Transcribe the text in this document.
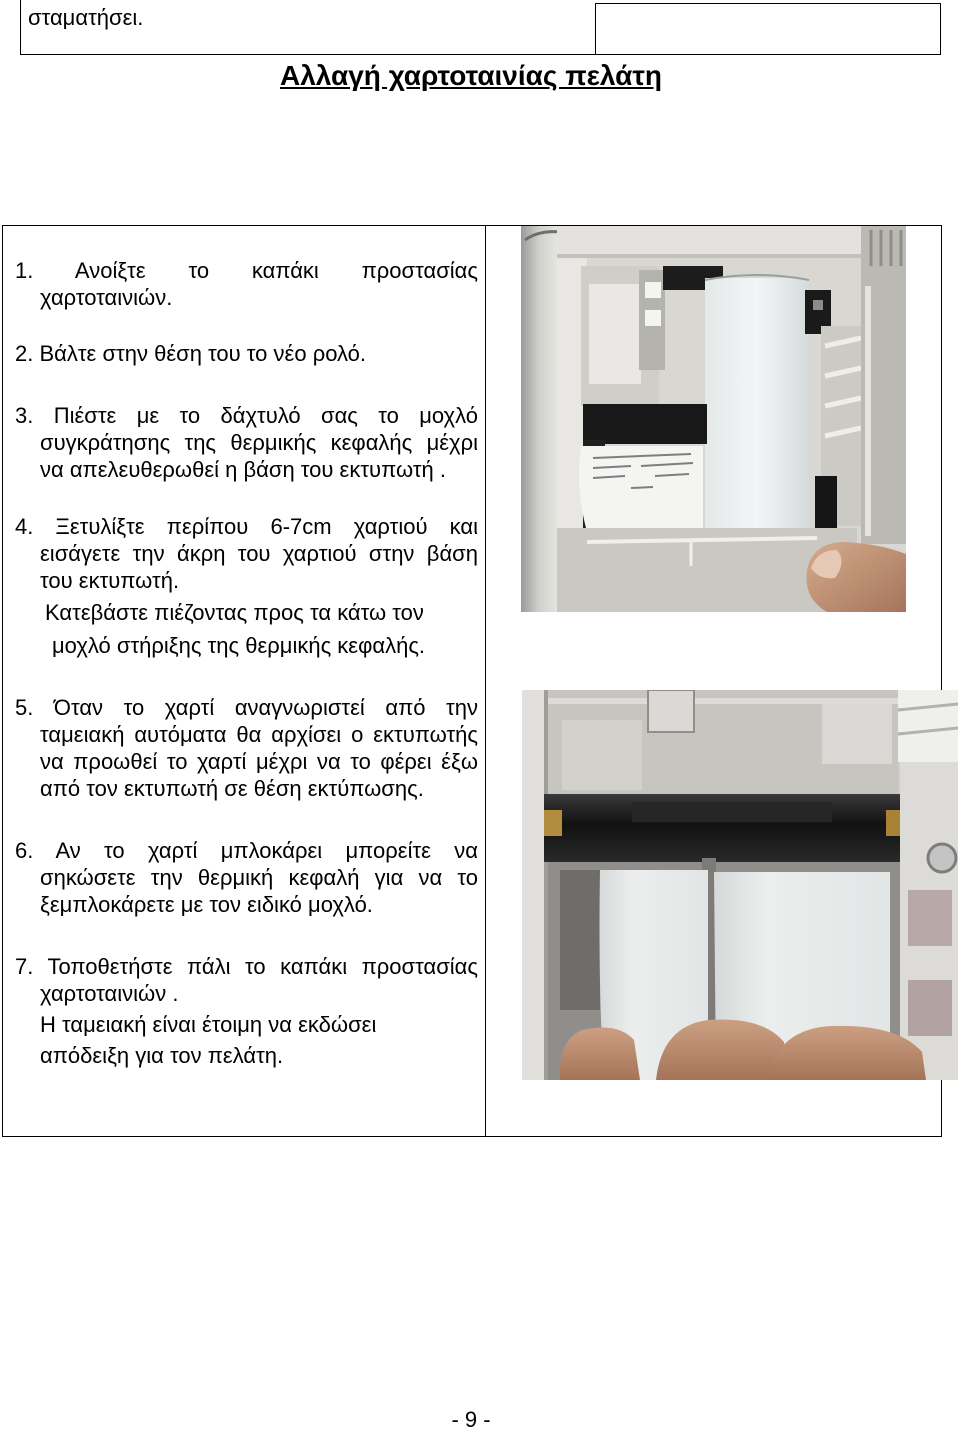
σταματήσει.
Αλλαγή χαρτοταινίας πελάτη
1. Ανοίξτε το καπάκι προστασίας
χαρτοταινιών.
2. Βάλτε στην θέση του το νέο ρολό.
3. Πιέστε με το δάχτυλό σας το μοχλό
συγκράτησης της θερμικής κεφαλής μέχρι
να απελευθερωθεί η βάση του εκτυπωτή .
4. Ξετυλίξτε περίπου 6-7cm χαρτιού και
εισάγετε την άκρη του χαρτιού στην βάση
του εκτυπωτή.
Κατεβάστε πιέζοντας προς τα κάτω τον
μοχλό στήριξης της θερμικής κεφαλής.
5. Όταν το χαρτί αναγνωριστεί από την
ταμειακή αυτόματα θα αρχίσει ο εκτυπωτής
να προωθεί το χαρτί μέχρι να το φέρει έξω
από τον εκτυπωτή σε θέση εκτύπωσης.
6. Αν το χαρτί μπλοκάρει μπορείτε να
σηκώσετε την θερμική κεφαλή για να το
ξεμπλοκάρετε με τον ειδικό μοχλό.
7. Τοποθετήστε πάλι το καπάκι προστασίας
χαρτοταινιών .
Η ταμειακή είναι έτοιμη να εκδώσει
απόδειξη για τον πελάτη.
- 9 -
